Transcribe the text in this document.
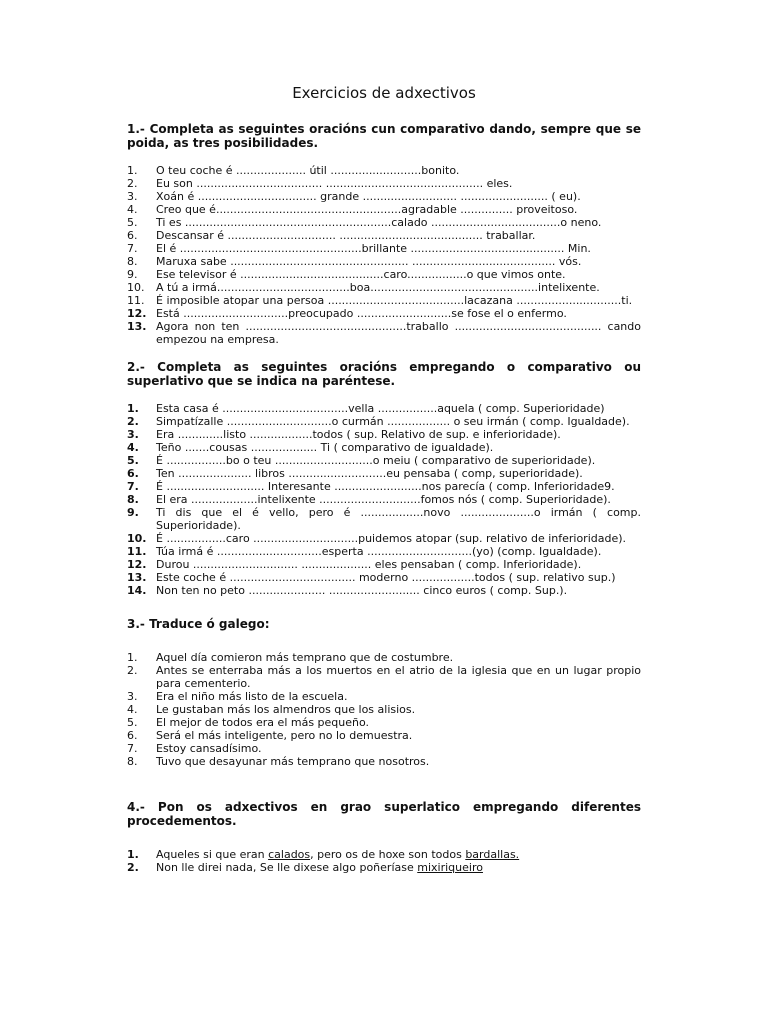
Exercicios de adxectivos
1.- Completa as seguintes oracións cun comparativo dando, sempre que se poida, as tres posibilidades.
1. O teu coche é .................... útil ..........................bonito.
2. Eu son .................................... ............................................. eles.
3. Xoán é .................................. grande ........................... ......................... ( eu).
4. Creo que é.....................................................agradable ............... proveitoso.
5. Ti es ...........................................................calado .....................................o neno.
6. Descansar é ............................... ......................................... traballar.
7. El é ....................................................brillante ............................................ Min.
8. Maruxa sabe ................................................... ......................................... vós.
9. Ese televisor é .........................................caro.................o que vimos onte.
10. A tú a irmá......................................boa................................................intelixente.
11. É imposible atopar una persoa .......................................lacazana ..............................ti.
12. Está ..............................preocupado ...........................se fose el o enfermo.
13. Agora non ten ..............................................traballo .......................................... cando empezou na empresa.
2.- Completa as seguintes oracións empregando o comparativo ou superlativo que se indica na paréntese.
1. Esta casa é ....................................vella .................aquela ( comp. Superioridade)
2. Simpatízalle ..............................o curmán .................. o seu irmán ( comp. Igualdade).
3. Era .............listo ..................todos ( sup. Relativo de sup. e inferioridade).
4. Teño .......cousas ................... Ti ( comparativo de igualdade).
5. É .................bo o teu ............................o meiu ( comparativo de superioridade).
6. Ten ..................... libros ............................eu pensaba ( comp, superioridade).
7. É ............................ Interesante .........................nos parecía ( comp. Inferioridade9.
8. El era ...................intelixente .............................fomos nós ( comp. Superioridade).
9. Ti dis que el é vello, pero é ..................novo .....................o irmán ( comp. Superioridade).
10. É .................caro ..............................puidemos atopar (sup. relativo de inferioridade).
11. Túa irmá é ..............................esperta ..............................(yo) (comp. Igualdade).
12. Durou .............................. .................... eles pensaban ( comp. Inferioridade).
13. Este coche é .................................... moderno ..................todos ( sup. relativo sup.)
14. Non ten no peto ...................... .......................... cinco euros ( comp. Sup.).
3.- Traduce ó galego:
1. Aquel día comieron más temprano que de costumbre.
2. Antes se enterraba más a los muertos en el atrio de la iglesia que en un lugar propio para cementerio.
3. Era el niño más listo de la escuela.
4. Le gustaban más los almendros que los alisios.
5. El mejor de todos era el más pequeño.
6. Será el más inteligente, pero no lo demuestra.
7. Estoy cansadísimo.
8. Tuvo que desayunar más temprano que nosotros.
4.- Pon os adxectivos en grao superlatico empregando diferentes procedementos.
1. Aqueles si que eran calados, pero os de hoxe son todos bardallas.
2. Non lle direi nada, Se lle dixese algo poñeríase mixiriqueiro
